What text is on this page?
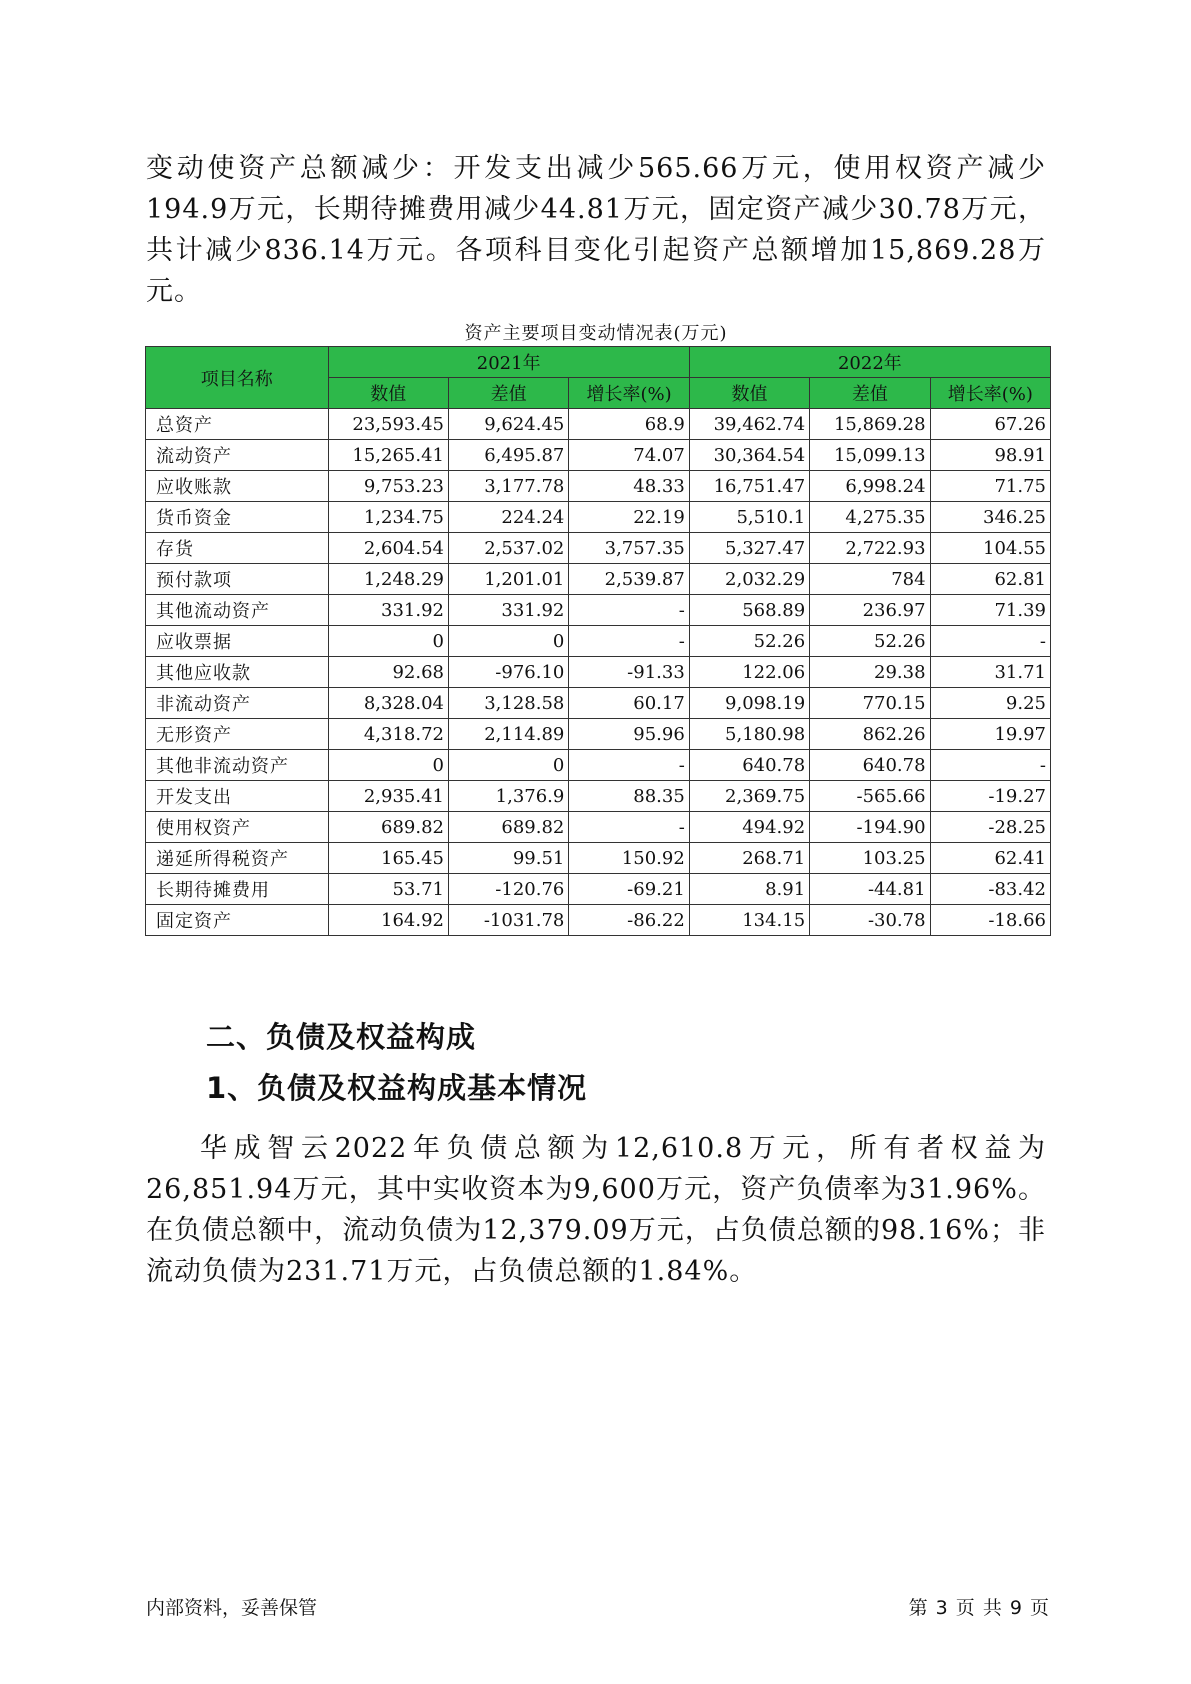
变动使资产总额减少：开发支出减少565.66万元，使用权资产减少194.9万元，长期待摊费用减少44.81万元，固定资产减少30.78万元，共计减少836.14万元。各项科目变化引起资产总额增加15,869.28万元。

资产主要项目变动情况表(万元)
项目名称	2021年			2022年		
	数值	差值	增长率(%)	数值	差值	增长率(%)
总资产	23,593.45	9,624.45	68.9	39,462.74	15,869.28	67.26
流动资产	15,265.41	6,495.87	74.07	30,364.54	15,099.13	98.91
应收账款	9,753.23	3,177.78	48.33	16,751.47	6,998.24	71.75
货币资金	1,234.75	224.24	22.19	5,510.1	4,275.35	346.25
存货	2,604.54	2,537.02	3,757.35	5,327.47	2,722.93	104.55
预付款项	1,248.29	1,201.01	2,539.87	2,032.29	784	62.81
其他流动资产	331.92	331.92	-	568.89	236.97	71.39
应收票据	0	0	-	52.26	52.26	-
其他应收款	92.68	-976.10	-91.33	122.06	29.38	31.71
非流动资产	8,328.04	3,128.58	60.17	9,098.19	770.15	9.25
无形资产	4,318.72	2,114.89	95.96	5,180.98	862.26	19.97
其他非流动资产	0	0	-	640.78	640.78	-
开发支出	2,935.41	1,376.9	88.35	2,369.75	-565.66	-19.27
使用权资产	689.82	689.82	-	494.92	-194.90	-28.25
递延所得税资产	165.45	99.51	150.92	268.71	103.25	62.41
长期待摊费用	53.71	-120.76	-69.21	8.91	-44.81	-83.42
固定资产	164.92	-1031.78	-86.22	134.15	-30.78	-18.66
二、负债及权益构成
1、负债及权益构成基本情况

华成智云2022年负债总额为12,610.8万元，所有者权益为26,851.94万元，其中实收资本为9,600万元，资产负债率为31.96%。在负债总额中，流动负债为12,379.09万元，占负债总额的98.16%；非流动负债为231.71万元，占负债总额的1.84%。

内部资料，妥善保管	第 3 页 共 9 页
